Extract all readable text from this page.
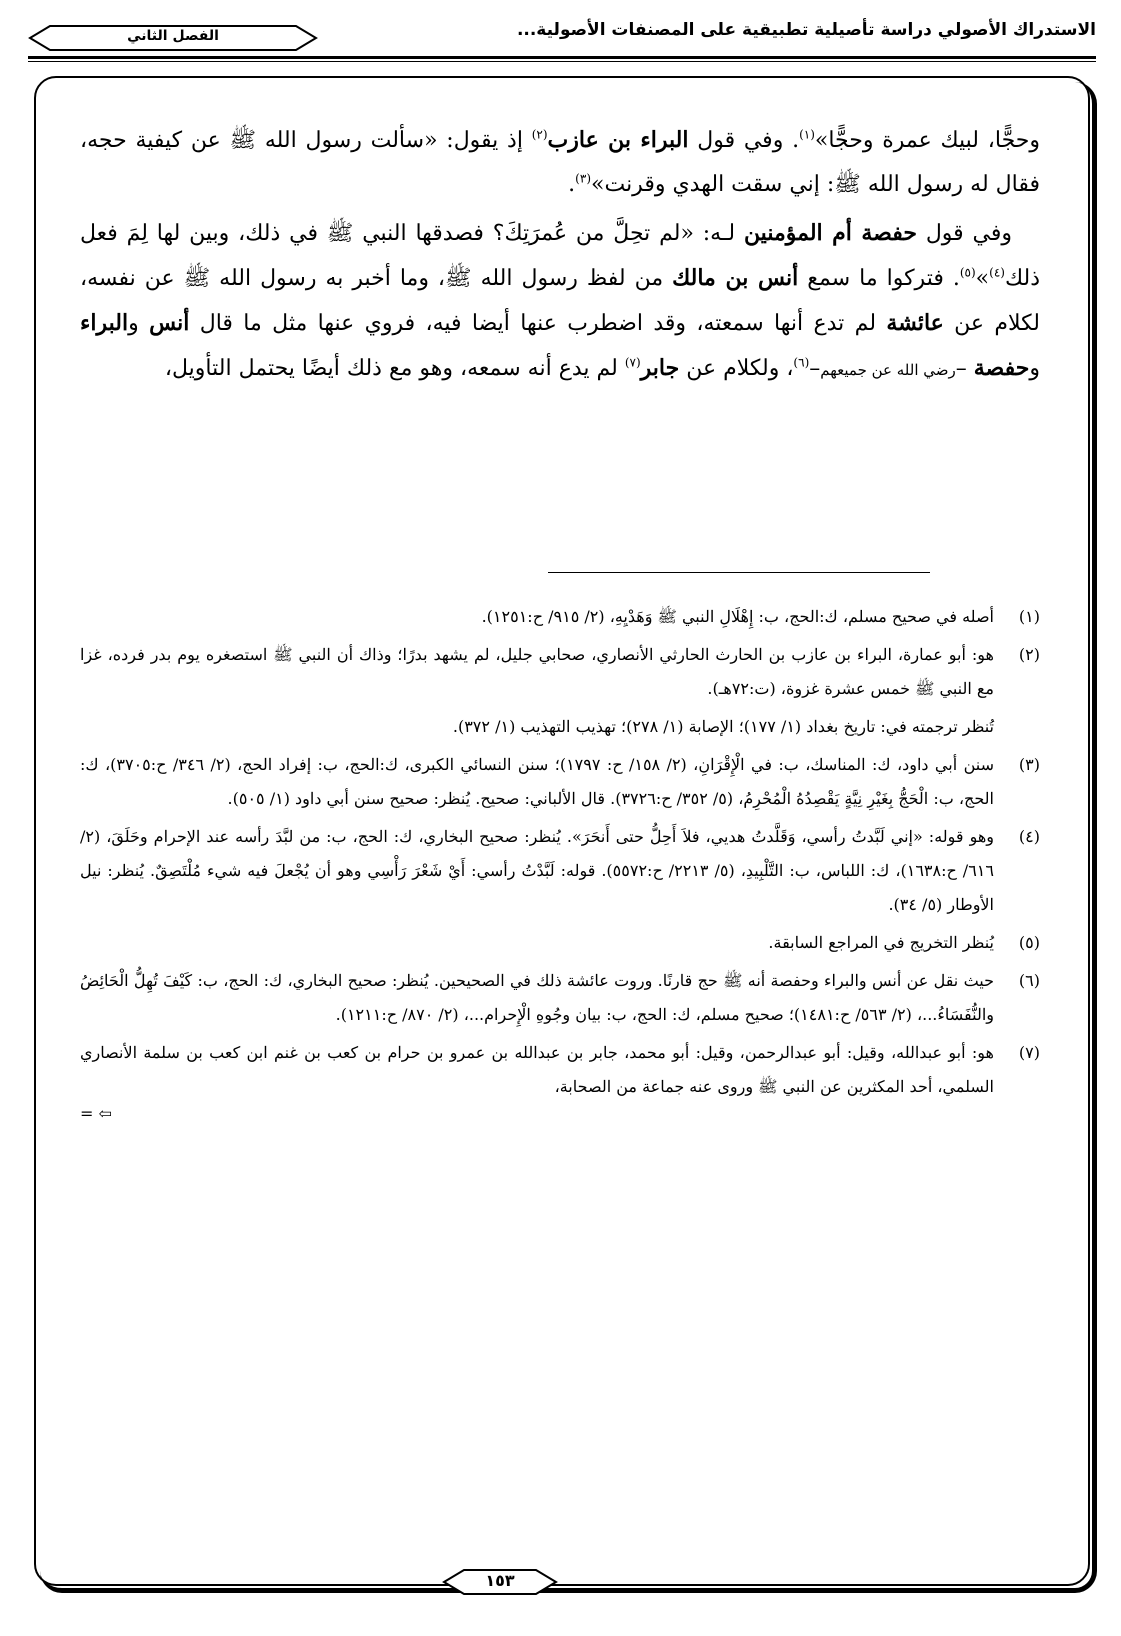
الاستدراك الأصولي دراسة تأصيلية تطبيقية على المصنفات الأصولية...
الفصل الثاني

وحجًّا، لبيك عمرة وحجًّا»$^{(١)}$. وفي قول البراء بن عازب$^{(٢)}$ إذ يقول: «سألت رسول الله ﷺ عن كيفية حجه، فقال له رسول الله ﷺ: إني سقت الهدي وقرنت»$^{(٣)}$.

وفي قول حفصة أم المؤمنين لـه: «لم تحِلَّ من عُمرَتِكَ؟ فصدقها النبي ﷺ في ذلك، وبين لها لِمَ فعل ذلك$^{(٤)}$»$^{(٥)}$. فتركوا ما سمع أنس بن مالك من لفظ رسول الله ﷺ، وما أخبر به رسول الله ﷺ عن نفسه، لكلام عن عائشة لم تدع أنها سمعته، وقد اضطرب عنها أيضا فيه، فروي عنها مثل ما قال أنس والبراء وحفصة –رضي الله عن جميعهم–$^{(٦)}$، ولكلام عن جابر$^{(٧)}$ لم يدع أنه سمعه، وهو مع ذلك أيضًا يحتمل التأويل،

(١)
أصله في صحيح مسلم، ك:الحج، ب: إِهْلَالِ النبي ﷺ وَهَدْيِهِ، (٢/ ٩١٥/ ح:١٢٥١).
(٢)
هو: أبو عمارة، البراء بن عازب بن الحارث الحارثي الأنصاري، صحابي جليل، لم يشهد بدرًا؛ وذاك أن النبي ﷺ استصغره يوم بدر فرده، غزا مع النبي ﷺ خمس عشرة غزوة، (ت:٧٢هـ).
تُنظر ترجمته في: تاريخ بغداد (١/ ١٧٧)؛ الإصابة (١/ ٢٧٨)؛ تهذيب التهذيب (١/ ٣٧٢).
(٣)
سنن أبي داود، ك: المناسك، ب: في الْإِقْرَانِ، (٢/ ١٥٨/ ح: ١٧٩٧)؛ سنن النسائي الكبرى، ك:الحج، ب: إفراد الحج، (٢/ ٣٤٦/ ح:٣٧٠٥)، ك: الحج، ب: الْحَجُّ بِغَيْرِ نِيَّةٍ يَقْصِدُهُ الْمُحْرِمُ، (٥/ ٣٥٢/ ح:٣٧٢٦). قال الألباني: صحيح. يُنظر: صحيح سنن أبي داود (١/ ٥٠٥).
(٤)
وهو قوله: «إني لَبَّدتُ رأسي، وَقَلَّدتُ هديي، فلاَ أَحِلُّ حتى أَنحَرَ». يُنظر: صحيح البخاري، ك: الحج، ب: من لبَّدَ رأسه عند الإحرام وحَلَقَ، (٢/ ٦١٦/ ح:١٦٣٨)، ك: اللباس، ب: التَّلْبِيدِ، (٥/ ٢٢١٣/ ح:٥٥٧٢). قوله: لَبَّدْتُ رأسي: أَيْ شَعْرَ رَأْسِي وهو أن يُجْعلَ فيه شيء مُلْتَصِقٌ. يُنظر: نيل الأوطار (٥/ ٣٤).
(٥)
يُنظر التخريج في المراجع السابقة.
(٦)
حيث نقل عن أنس والبراء وحفصة أنه ﷺ حج قارنًا. وروت عائشة ذلك في الصحيحين. يُنظر: صحيح البخاري، ك: الحج، ب: كَيْفَ تُهِلُّ الْحَائِضُ والنُّفَسَاءُ...، (٢/ ٥٦٣/ ح:١٤٨١)؛ صحيح مسلم، ك: الحج، ب: بيان وجُوهِ الْإِحرام...، (٢/ ٨٧٠/ ح:١٢١١).
(٧)
هو: أبو عبدالله، وقيل: أبو عبدالرحمن، وقيل: أبو محمد، جابر بن عبدالله بن عمرو بن حرام بن كعب بن غنم ابن كعب بن سلمة الأنصاري السلمي، أحد المكثرين عن النبي ﷺ وروى عنه جماعة من الصحابة،
= ⇦
١٥٣
